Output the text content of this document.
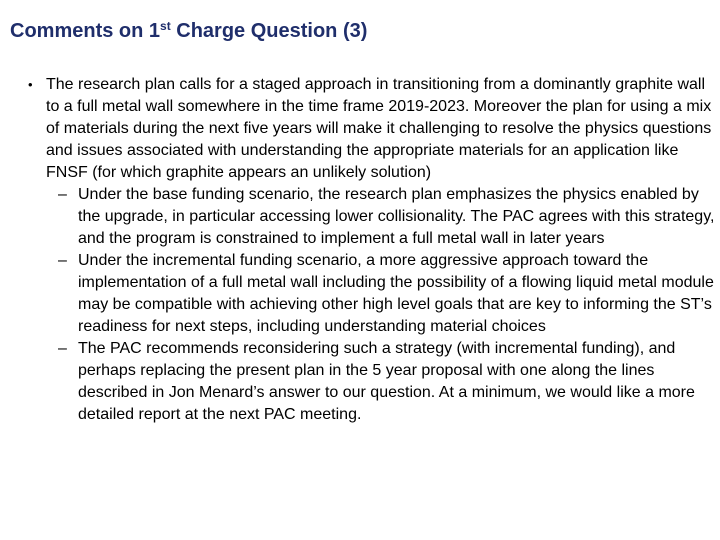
Comments on 1st Charge Question (3)
• The research plan calls for a staged approach in transitioning from a dominantly graphite wall to a full metal wall somewhere in the time frame 2019-2023. Moreover the plan for using a mix of materials during the next five years will make it challenging to resolve the physics questions and issues associated with understanding the appropriate materials for an application like FNSF (for which graphite appears an unlikely solution)
– Under the base funding scenario, the research plan emphasizes the physics enabled by the upgrade, in particular accessing lower collisionality. The PAC agrees with this strategy, and the program is constrained to implement a full metal wall in later years
– Under the incremental funding scenario, a more aggressive approach toward the implementation of a full metal wall including the possibility of a flowing liquid metal module may be compatible with achieving other high level goals that are key to informing the ST’s readiness for next steps, including understanding material choices
– The PAC recommends reconsidering such a strategy (with incremental funding), and perhaps replacing the present plan in the 5 year proposal with one along the lines described in Jon Menard’s answer to our question. At a minimum, we would like a more detailed report at the next PAC meeting.
